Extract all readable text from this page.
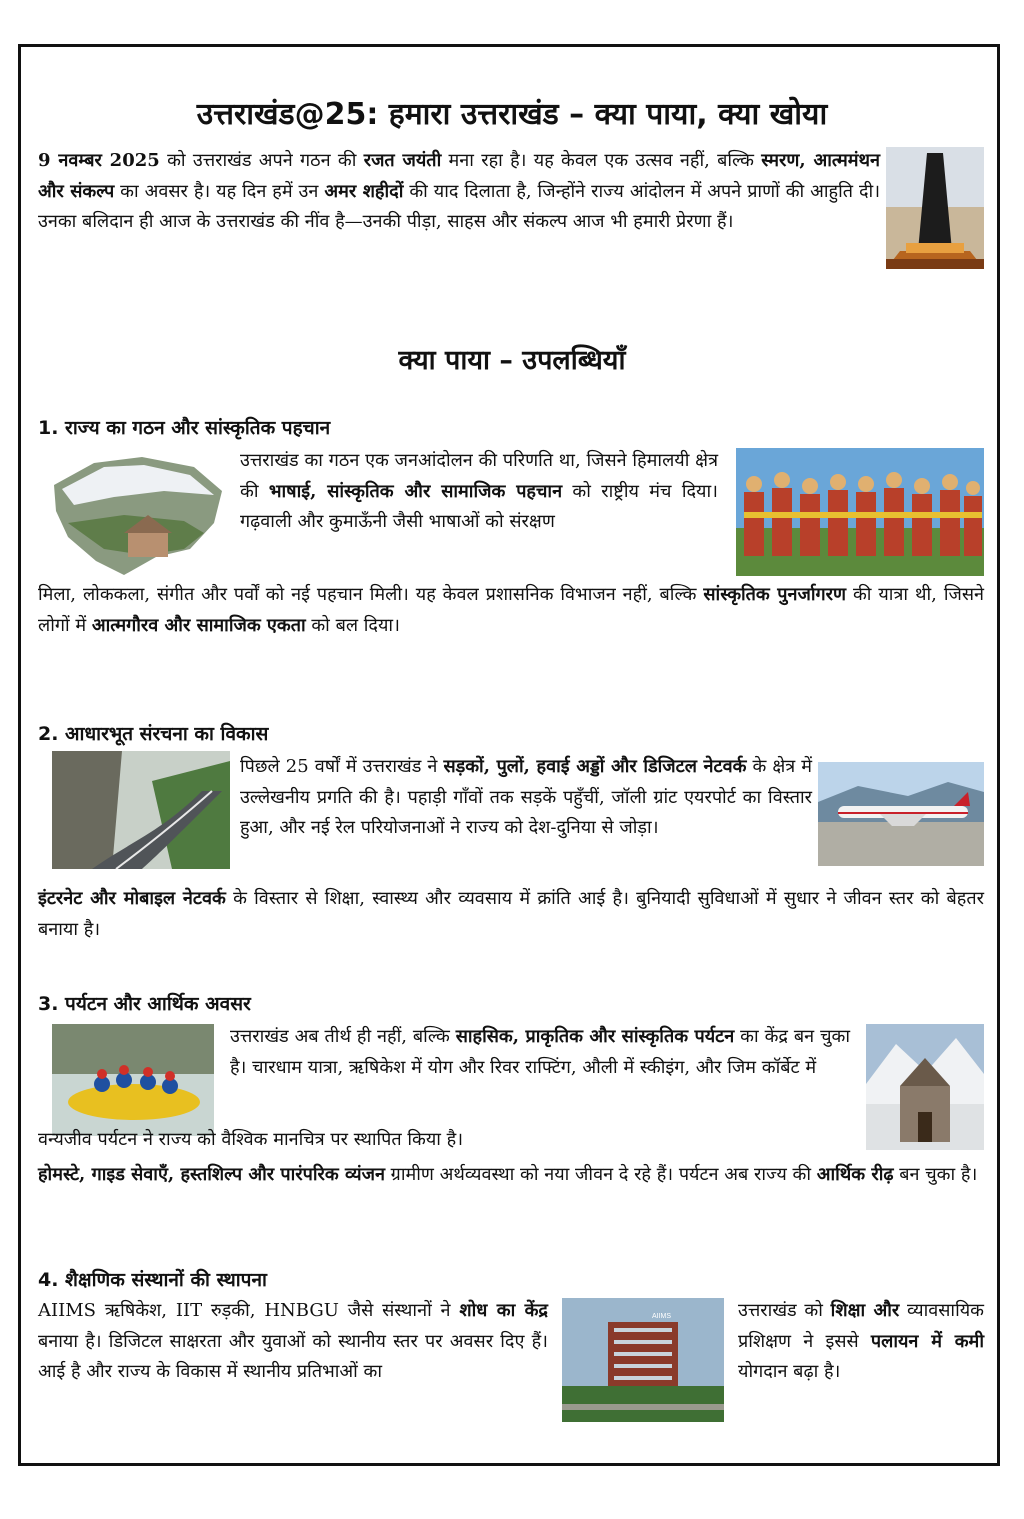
उत्तराखंड@25: हमारा उत्तराखंड – क्या पाया, क्या खोया
9 नवम्बर 2025 को उत्तराखंड अपने गठन की रजत जयंती मना रहा है। यह केवल एक उत्सव नहीं, बल्कि स्मरण, आत्ममंथन और संकल्प का अवसर है। यह दिन हमें उन अमर शहीदों की याद दिलाता है, जिन्होंने राज्य आंदोलन में अपने प्राणों की आहुति दी। उनका बलिदान ही आज के उत्तराखंड की नींव है—उनकी पीड़ा, साहस और संकल्प आज भी हमारी प्रेरणा हैं।
क्या पाया – उपलब्धियाँ
1. राज्य का गठन और सांस्कृतिक पहचान
उत्तराखंड का गठन एक जनआंदोलन की परिणति था, जिसने हिमालयी क्षेत्र की भाषाई, सांस्कृतिक और सामाजिक पहचान को राष्ट्रीय मंच दिया। गढ़वाली और कुमाऊँनी जैसी भाषाओं को संरक्षण
मिला, लोककला, संगीत और पर्वों को नई पहचान मिली। यह केवल प्रशासनिक विभाजन नहीं, बल्कि सांस्कृतिक पुनर्जागरण की यात्रा थी, जिसने लोगों में आत्मगौरव और सामाजिक एकता को बल दिया।
2. आधारभूत संरचना का विकास
पिछले 25 वर्षों में उत्तराखंड ने सड़कों, पुलों, हवाई अड्डों और डिजिटल नेटवर्क के क्षेत्र में उल्लेखनीय प्रगति की है। पहाड़ी गाँवों तक सड़कें पहुँचीं, जॉली ग्रांट एयरपोर्ट का विस्तार हुआ, और नई रेल परियोजनाओं ने राज्य को देश-दुनिया से जोड़ा।
इंटरनेट और मोबाइल नेटवर्क के विस्तार से शिक्षा, स्वास्थ्य और व्यवसाय में क्रांति आई है। बुनियादी सुविधाओं में सुधार ने जीवन स्तर को बेहतर बनाया है।
3. पर्यटन और आर्थिक अवसर
उत्तराखंड अब तीर्थ ही नहीं, बल्कि साहसिक, प्राकृतिक और सांस्कृतिक पर्यटन का केंद्र बन चुका है। चारधाम यात्रा, ऋषिकेश में योग और रिवर राफ्टिंग, औली में स्कीइंग, और जिम कॉर्बेट में
वन्यजीव पर्यटन ने राज्य को वैश्विक मानचित्र पर स्थापित किया है।
होमस्टे, गाइड सेवाएँ, हस्तशिल्प और पारंपरिक व्यंजन ग्रामीण अर्थव्यवस्था को नया जीवन दे रहे हैं। पर्यटन अब राज्य की आर्थिक रीढ़ बन चुका है।
4. शैक्षणिक संस्थानों की स्थापना
AIIMS ऋषिकेश, IIT रुड़की, HNBGU जैसे संस्थानों ने शोध का केंद्र बनाया है। डिजिटल साक्षरता और युवाओं को स्थानीय स्तर पर अवसर दिए हैं। आई है और राज्य के विकास में स्थानीय प्रतिभाओं का
AIIMS	उत्तराखंड को शिक्षा और व्यावसायिक प्रशिक्षण ने इससे पलायन में कमी योगदान बढ़ा है।
